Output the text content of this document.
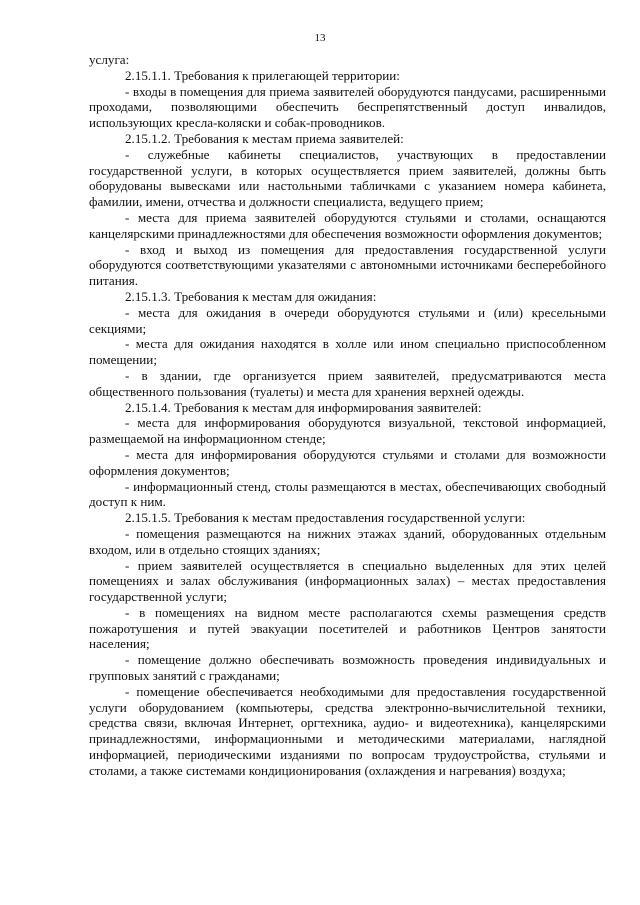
13

услуга:

2.15.1.1. Требования к прилегающей территории:

- входы в помещения для приема заявителей оборудуются пандусами, расширенными проходами, позволяющими обеспечить беспрепятственный доступ инвалидов, использующих кресла-коляски и собак-проводников.

2.15.1.2. Требования к местам приема заявителей:

- служебные кабинеты специалистов, участвующих в предоставлении государственной услуги, в которых осуществляется прием заявителей, должны быть оборудованы вывесками или настольными табличками с указанием номера кабинета, фамилии, имени, отчества и должности специалиста, ведущего прием;

- места для приема заявителей оборудуются стульями и столами, оснащаются канцелярскими принадлежностями для обеспечения возможности оформления документов;

- вход и выход из помещения для предоставления государственной услуги оборудуются соответствующими указателями с автономными источниками бесперебойного питания.

2.15.1.3. Требования к местам для ожидания:

- места для ожидания в очереди оборудуются стульями и (или) кресельными секциями;

- места для ожидания находятся в холле или ином специально приспособленном помещении;

- в здании, где организуется прием заявителей, предусматриваются места общественного пользования (туалеты) и места для хранения верхней одежды.

2.15.1.4. Требования к местам для информирования заявителей:

- места для информирования оборудуются визуальной, текстовой информацией, размещаемой на информационном стенде;

- места для информирования оборудуются стульями и столами для возможности оформления документов;

- информационный стенд, столы размещаются в местах, обеспечивающих свободный доступ к ним.

2.15.1.5. Требования к местам предоставления государственной услуги:

- помещения размещаются на нижних этажах зданий, оборудованных отдельным входом, или в отдельно стоящих зданиях;

- прием заявителей осуществляется в специально выделенных для этих целей помещениях и залах обслуживания (информационных залах) – местах предоставления государственной услуги;

- в помещениях на видном месте располагаются схемы размещения средств пожаротушения и путей эвакуации посетителей и работников Центров занятости населения;

- помещение должно обеспечивать возможность проведения индивидуальных и групповых занятий с гражданами;

- помещение обеспечивается необходимыми для предоставления государственной услуги оборудованием (компьютеры, средства электронно-вычислительной техники, средства связи, включая Интернет, оргтехника, аудио- и видеотехника), канцелярскими принадлежностями, информационными и методическими материалами, наглядной информацией, периодическими изданиями по вопросам трудоустройства, стульями и столами, а также системами кондиционирования (охлаждения и нагревания) воздуха;
